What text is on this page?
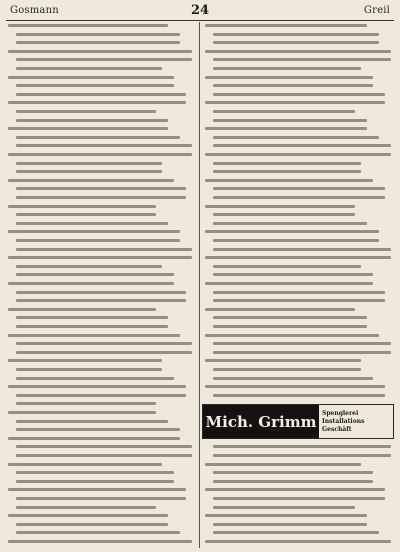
Gosmann	24	Greil
Mich. Grimm Spenglerei
Installations
Geschäft
